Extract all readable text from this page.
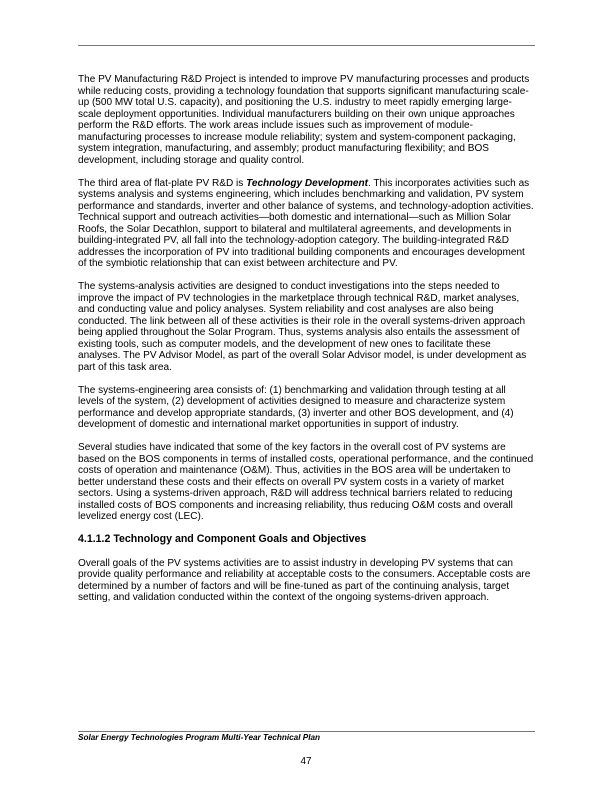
The PV Manufacturing R&D Project is intended to improve PV manufacturing processes and products
while reducing costs, providing a technology foundation that supports significant manufacturing scale-
up (500 MW total U.S. capacity), and positioning the U.S. industry to meet rapidly emerging large-
scale deployment opportunities. Individual manufacturers building on their own unique approaches
perform the R&D efforts. The work areas include issues such as improvement of module-
manufacturing processes to increase module reliability; system and system-component packaging,
system integration, manufacturing, and assembly; product manufacturing flexibility; and BOS
development, including storage and quality control.

The third area of flat-plate PV R&D is Technology Development. This incorporates activities such as
systems analysis and systems engineering, which includes benchmarking and validation, PV system
performance and standards, inverter and other balance of systems, and technology-adoption activities.
Technical support and outreach activities—both domestic and international—such as Million Solar
Roofs, the Solar Decathlon, support to bilateral and multilateral agreements, and developments in
building-integrated PV, all fall into the technology-adoption category. The building-integrated R&D
addresses the incorporation of PV into traditional building components and encourages development
of the symbiotic relationship that can exist between architecture and PV.

The systems-analysis activities are designed to conduct investigations into the steps needed to
improve the impact of PV technologies in the marketplace through technical R&D, market analyses,
and conducting value and policy analyses. System reliability and cost analyses are also being
conducted. The link between all of these activities is their role in the overall systems-driven approach
being applied throughout the Solar Program. Thus, systems analysis also entails the assessment of
existing tools, such as computer models, and the development of new ones to facilitate these
analyses. The PV Advisor Model, as part of the overall Solar Advisor model, is under development as
part of this task area.

The systems-engineering area consists of: (1) benchmarking and validation through testing at all
levels of the system, (2) development of activities designed to measure and characterize system
performance and develop appropriate standards, (3) inverter and other BOS development, and (4)
development of domestic and international market opportunities in support of industry.

Several studies have indicated that some of the key factors in the overall cost of PV systems are
based on the BOS components in terms of installed costs, operational performance, and the continued
costs of operation and maintenance (O&M). Thus, activities in the BOS area will be undertaken to
better understand these costs and their effects on overall PV system costs in a variety of market
sectors. Using a systems-driven approach, R&D will address technical barriers related to reducing
installed costs of BOS components and increasing reliability, thus reducing O&M costs and overall
levelized energy cost (LEC).

4.1.1.2 Technology and Component Goals and Objectives

Overall goals of the PV systems activities are to assist industry in developing PV systems that can
provide quality performance and reliability at acceptable costs to the consumers. Acceptable costs are
determined by a number of factors and will be fine-tuned as part of the continuing analysis, target
setting, and validation conducted within the context of the ongoing systems-driven approach.

Solar Energy Technologies Program Multi-Year Technical Plan
47
